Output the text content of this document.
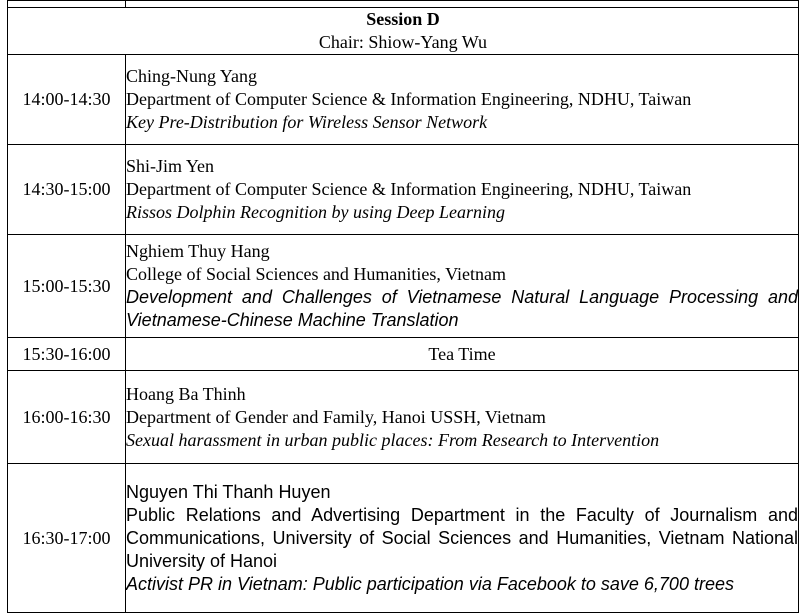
Session D
Chair: Shiow-Yang Wu	

14:00-14:30	Ching-Nung Yang
Department of Computer Science & Information Engineering, NDHU, Taiwan
Key Pre-Distribution for Wireless Sensor Network

14:30-15:00	Shi-Jim Yen
Department of Computer Science & Information Engineering, NDHU, Taiwan
Rissos Dolphin Recognition by using Deep Learning

15:00-15:30	Nghiem Thuy Hang
College of Social Sciences and Humanities, Vietnam
Development and Challenges of Vietnamese Natural Language Processing and Vietnamese-Chinese Machine Translation

15:30-16:00	Tea Time
16:00-16:30	Hoang Ba Thinh
Department of Gender and Family, Hanoi USSH, Vietnam
Sexual harassment in urban public places: From Research to Intervention

16:30-17:00	Nguyen Thi Thanh Huyen
Public Relations and Advertising Department in the Faculty of Journalism and Communications, University of Social Sciences and Humanities, Vietnam National University of Hanoi
Activist PR in Vietnam: Public participation via Facebook to save 6,700 trees
